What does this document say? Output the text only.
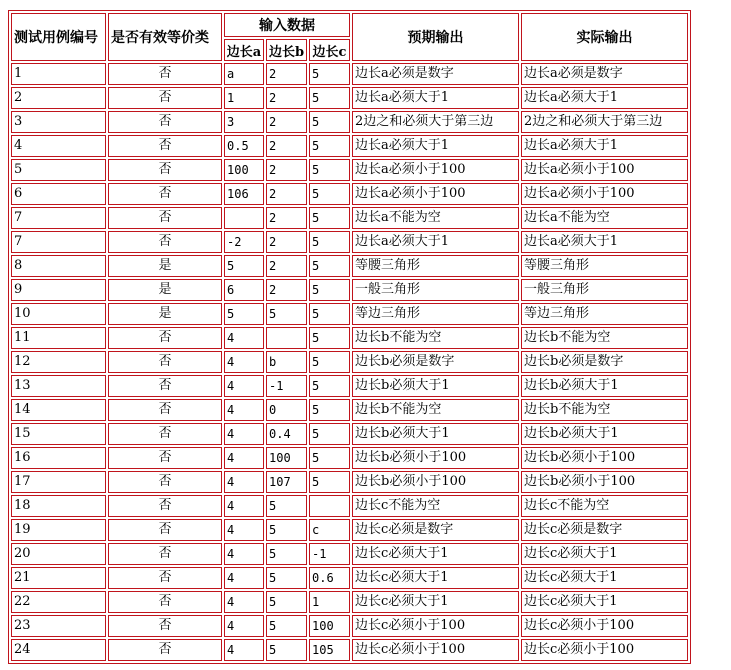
测试用例编号	是否有效等价类	输入数据			预期输出	实际输出
		边长a	边长b	边长c		
1	否	a	2	5	边长a必须是数字	边长a必须是数字
2	否	1	2	5	边长a必须大于1	边长a必须大于1
3	否	3	2	5	2边之和必须大于第三边	2边之和必须大于第三边
4	否	0.5	2	5	边长a必须大于1	边长a必须大于1
5	否	100	2	5	边长a必须小于100	边长a必须小于100
6	否	106	2	5	边长a必须小于100	边长a必须小于100
7	否		2	5	边长a不能为空	边长a不能为空
7	否	-2	2	5	边长a必须大于1	边长a必须大于1
8	是	5	2	5	等腰三角形	等腰三角形
9	是	6	2	5	一般三角形	一般三角形
10	是	5	5	5	等边三角形	等边三角形
11	否	4		5	边长b不能为空	边长b不能为空
12	否	4	b	5	边长b必须是数字	边长b必须是数字
13	否	4	-1	5	边长b必须大于1	边长b必须大于1
14	否	4	0	5	边长b不能为空	边长b不能为空
15	否	4	0.4	5	边长b必须大于1	边长b必须大于1
16	否	4	100	5	边长b必须小于100	边长b必须小于100
17	否	4	107	5	边长b必须小于100	边长b必须小于100
18	否	4	5		边长c不能为空	边长c不能为空
19	否	4	5	c	边长c必须是数字	边长c必须是数字
20	否	4	5	-1	边长c必须大于1	边长c必须大于1
21	否	4	5	0.6	边长c必须大于1	边长c必须大于1
22	否	4	5	1	边长c必须大于1	边长c必须大于1
23	否	4	5	100	边长c必须小于100	边长c必须小于100
24	否	4	5	105	边长c必须小于100	边长c必须小于100
